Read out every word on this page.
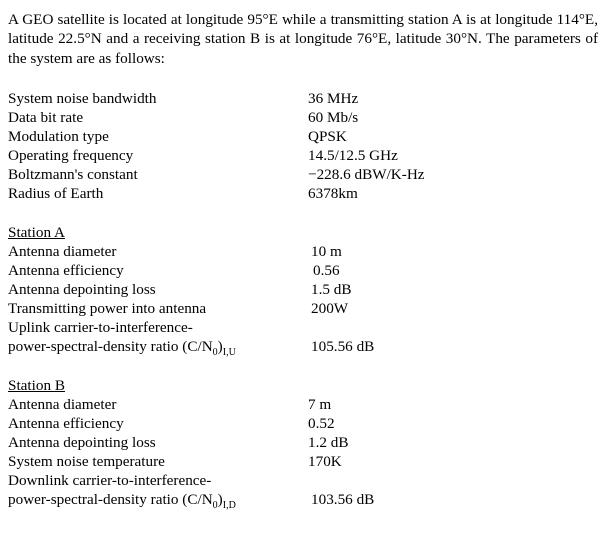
A GEO satellite is located at longitude 95°E while a transmitting station A is at longitude 114°E, latitude 22.5°N and a receiving station B is at longitude 76°E, latitude 30°N. The parameters of the system are as follows:

System noise bandwidth	36 MHz
Data bit rate	60 Mb/s
Modulation type	QPSK
Operating frequency	14.5/12.5 GHz
Boltzmann's constant	−228.6 dBW/K-Hz
Radius of Earth	6378km
Station A
Antenna diameter	10 m
Antenna efficiency	0.56
Antenna depointing loss	1.5 dB
Transmitting power into antenna	200W
Uplink carrier-to-interference-
power-spectral-density ratio $(C/N_0)_{I,U}$	105.56 dB
Station B
Antenna diameter	7 m
Antenna efficiency	0.52
Antenna depointing loss	1.2 dB
System noise temperature	170K
Downlink carrier-to-interference-
power-spectral-density ratio $(C/N_0)_{I,D}$	103.56 dB
